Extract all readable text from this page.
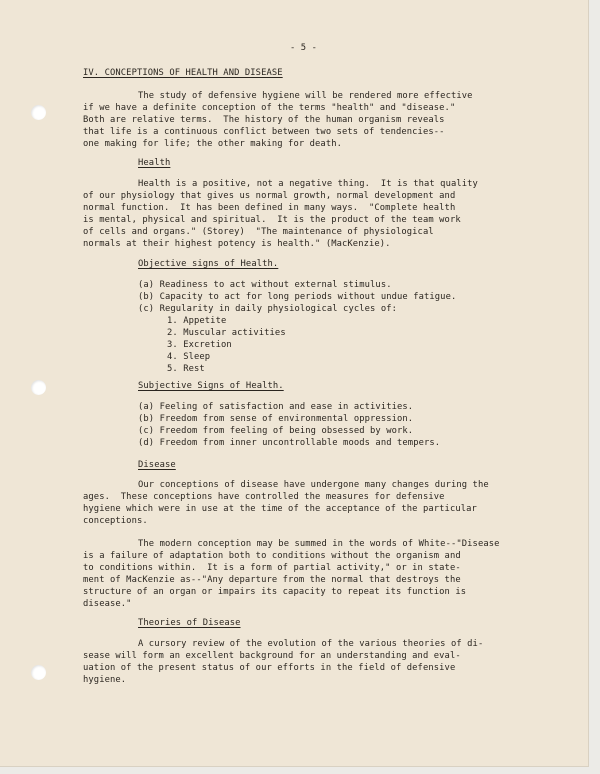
- 5 -
IV. CONCEPTIONS OF HEALTH AND DISEASE
The study of defensive hygiene will be rendered more effective
if we have a definite conception of the terms "health" and "disease."
Both are relative terms.  The history of the human organism reveals
that life is a continuous conflict between two sets of tendencies--
one making for life; the other making for death.
Health
Health is a positive, not a negative thing.  It is that quality
of our physiology that gives us normal growth, normal development and
normal function.  It has been defined in many ways.  "Complete health
is mental, physical and spiritual.  It is the product of the team work
of cells and organs." (Storey)  "The maintenance of physiological
normals at their highest potency is health." (MacKenzie).
Objective signs of Health.
(a) Readiness to act without external stimulus.
(b) Capacity to act for long periods without undue fatigue.
(c) Regularity in daily physiological cycles of:
1. Appetite
2. Muscular activities
3. Excretion
4. Sleep
5. Rest
Subjective Signs of Health.
(a) Feeling of satisfaction and ease in activities.
(b) Freedom from sense of environmental oppression.
(c) Freedom from feeling of being obsessed by work.
(d) Freedom from inner uncontrollable moods and tempers.
Disease
Our conceptions of disease have undergone many changes during the
ages.  These conceptions have controlled the measures for defensive
hygiene which were in use at the time of the acceptance of the particular
conceptions.
The modern conception may be summed in the words of White--"Disease
is a failure of adaptation both to conditions without the organism and
to conditions within.  It is a form of partial activity," or in state-
ment of MacKenzie as--"Any departure from the normal that destroys the
structure of an organ or impairs its capacity to repeat its function is
disease."
Theories of Disease
A cursory review of the evolution of the various theories of di-
sease will form an excellent background for an understanding and eval-
uation of the present status of our efforts in the field of defensive
hygiene.
